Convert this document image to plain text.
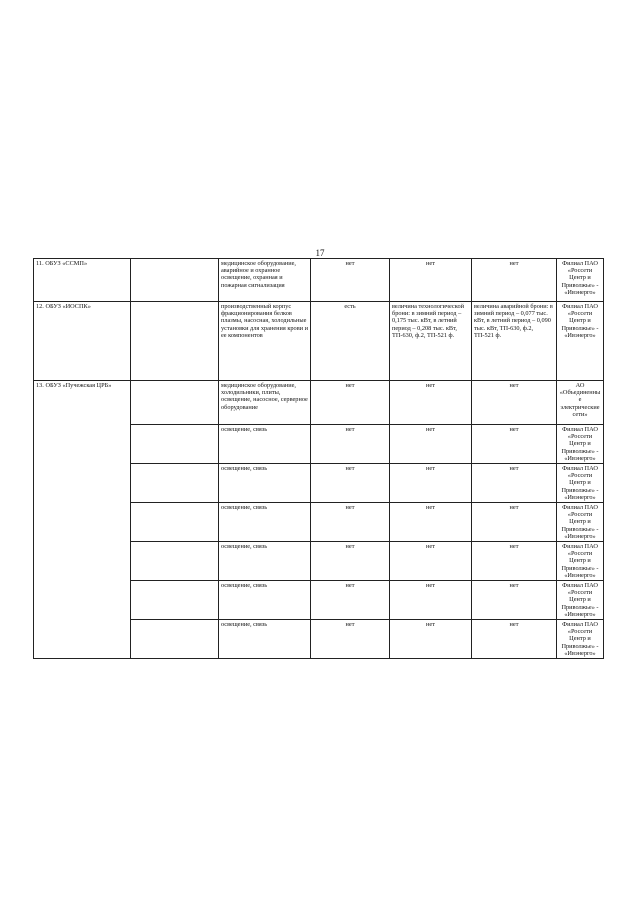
17
11. ОБУЗ «ССМП»		медицинское оборудование, аварийное и охранное освещение, охранная и пожарная сигнализация	нет	нет	нет	Филиал ПАО «Россети Центр и Приволжье» - «Ивэнерго»
12. ОБУЗ «ИОСПК»		производственный корпус фракционирования белков плазмы, насосная, холодильные установки для хранения крови и ее компонентов	есть	величина технологической брони: в зимний период – 0,175 тыс. кВт, в летний период – 0,208 тыс. кВт, ТП-630, ф.2, ТП-521 ф.	величина аварийной брони: в зимний период – 0,077 тыс. кВт, в летний период – 0,090 тыс. кВт, ТП-630, ф.2, ТП-521 ф.	Филиал ПАО «Россети Центр и Приволжье» - «Ивэнерго»
13. ОБУЗ «Пучежская ЦРБ»		медицинское оборудование, холодильники, плиты, освещение, насосное, серверное оборудование	нет	нет	нет	АО «Объединенные электрические сети»
		освещение, связь	нет	нет	нет	Филиал ПАО «Россети Центр и Приволжье» - «Ивэнерго»
		освещение, связь	нет	нет	нет	Филиал ПАО «Россети Центр и Приволжье» - «Ивэнерго»
		освещение, связь	нет	нет	нет	Филиал ПАО «Россети Центр и Приволжье» - «Ивэнерго»
		освещение, связь	нет	нет	нет	Филиал ПАО «Россети Центр и Приволжье» - «Ивэнерго»
		освещение, связь	нет	нет	нет	Филиал ПАО «Россети Центр и Приволжье» - «Ивэнерго»
		освещение, связь	нет	нет	нет	Филиал ПАО «Россети Центр и Приволжье» - «Ивэнерго»
